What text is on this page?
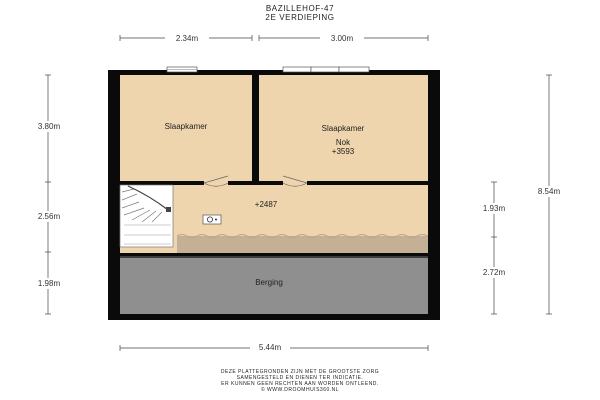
BAZILLEHOF-47
2E VERDIEPING
Slaapkamer	Slaapkamer
Nok
+3593
+2487
Berging
2.34m	3.00m
5.44m
3.80m
2.56m
1.98m
1.93m
2.72m
8.54m
DEZE PLATTEGRONDEN ZIJN MET DE GROOTSTE ZORG
SAMENGESTELD EN DIENEN TER INDICATIE.
ER KUNNEN GEEN RECHTEN AAN WORDEN ONTLEEND.
© WWW.DROOMHUIS360.NL
